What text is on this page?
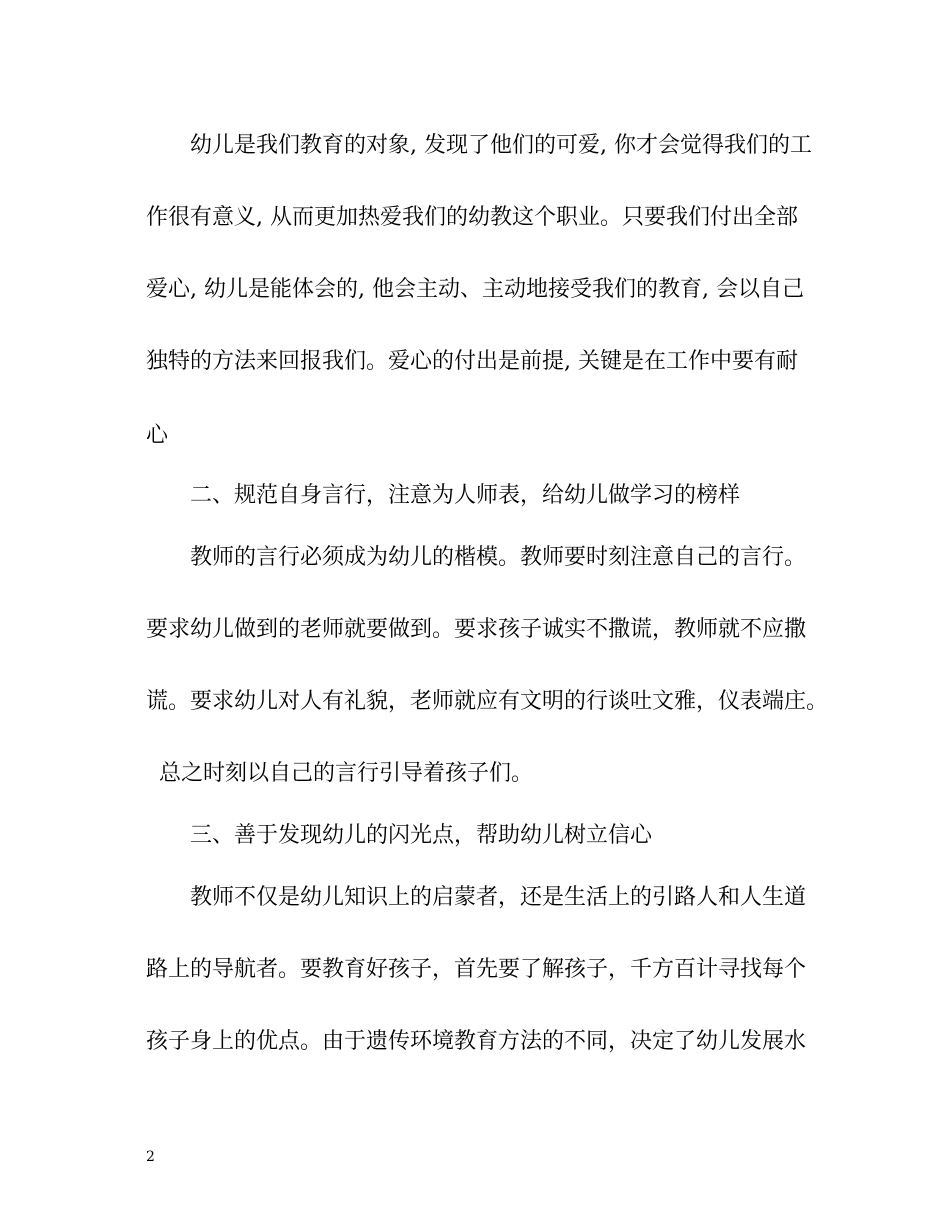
幼儿是我们教育的对象, 发现了他们的可爱, 你才会觉得我们的工
作很有意义, 从而更加热爱我们的幼教这个职业。只要我们付出全部
爱心, 幼儿是能体会的, 他会主动、主动地接受我们的教育, 会以自己
独特的方法来回报我们。爱心的付出是前提, 关键是在工作中要有耐
心
二、规范自身言行，注意为人师表，给幼儿做学习的榜样
教师的言行必须成为幼儿的楷模。教师要时刻注意自己的言行。
要求幼儿做到的老师就要做到。要求孩子诚实不撒谎，教师就不应撒
谎。要求幼儿对人有礼貌，老师就应有文明的行谈吐文雅，仪表端庄。
总之时刻以自己的言行引导着孩子们。
三、善于发现幼儿的闪光点，帮助幼儿树立信心
教师不仅是幼儿知识上的启蒙者，还是生活上的引路人和人生道
路上的导航者。要教育好孩子，首先要了解孩子，千方百计寻找每个
孩子身上的优点。由于遗传环境教育方法的不同，决定了幼儿发展水
2
